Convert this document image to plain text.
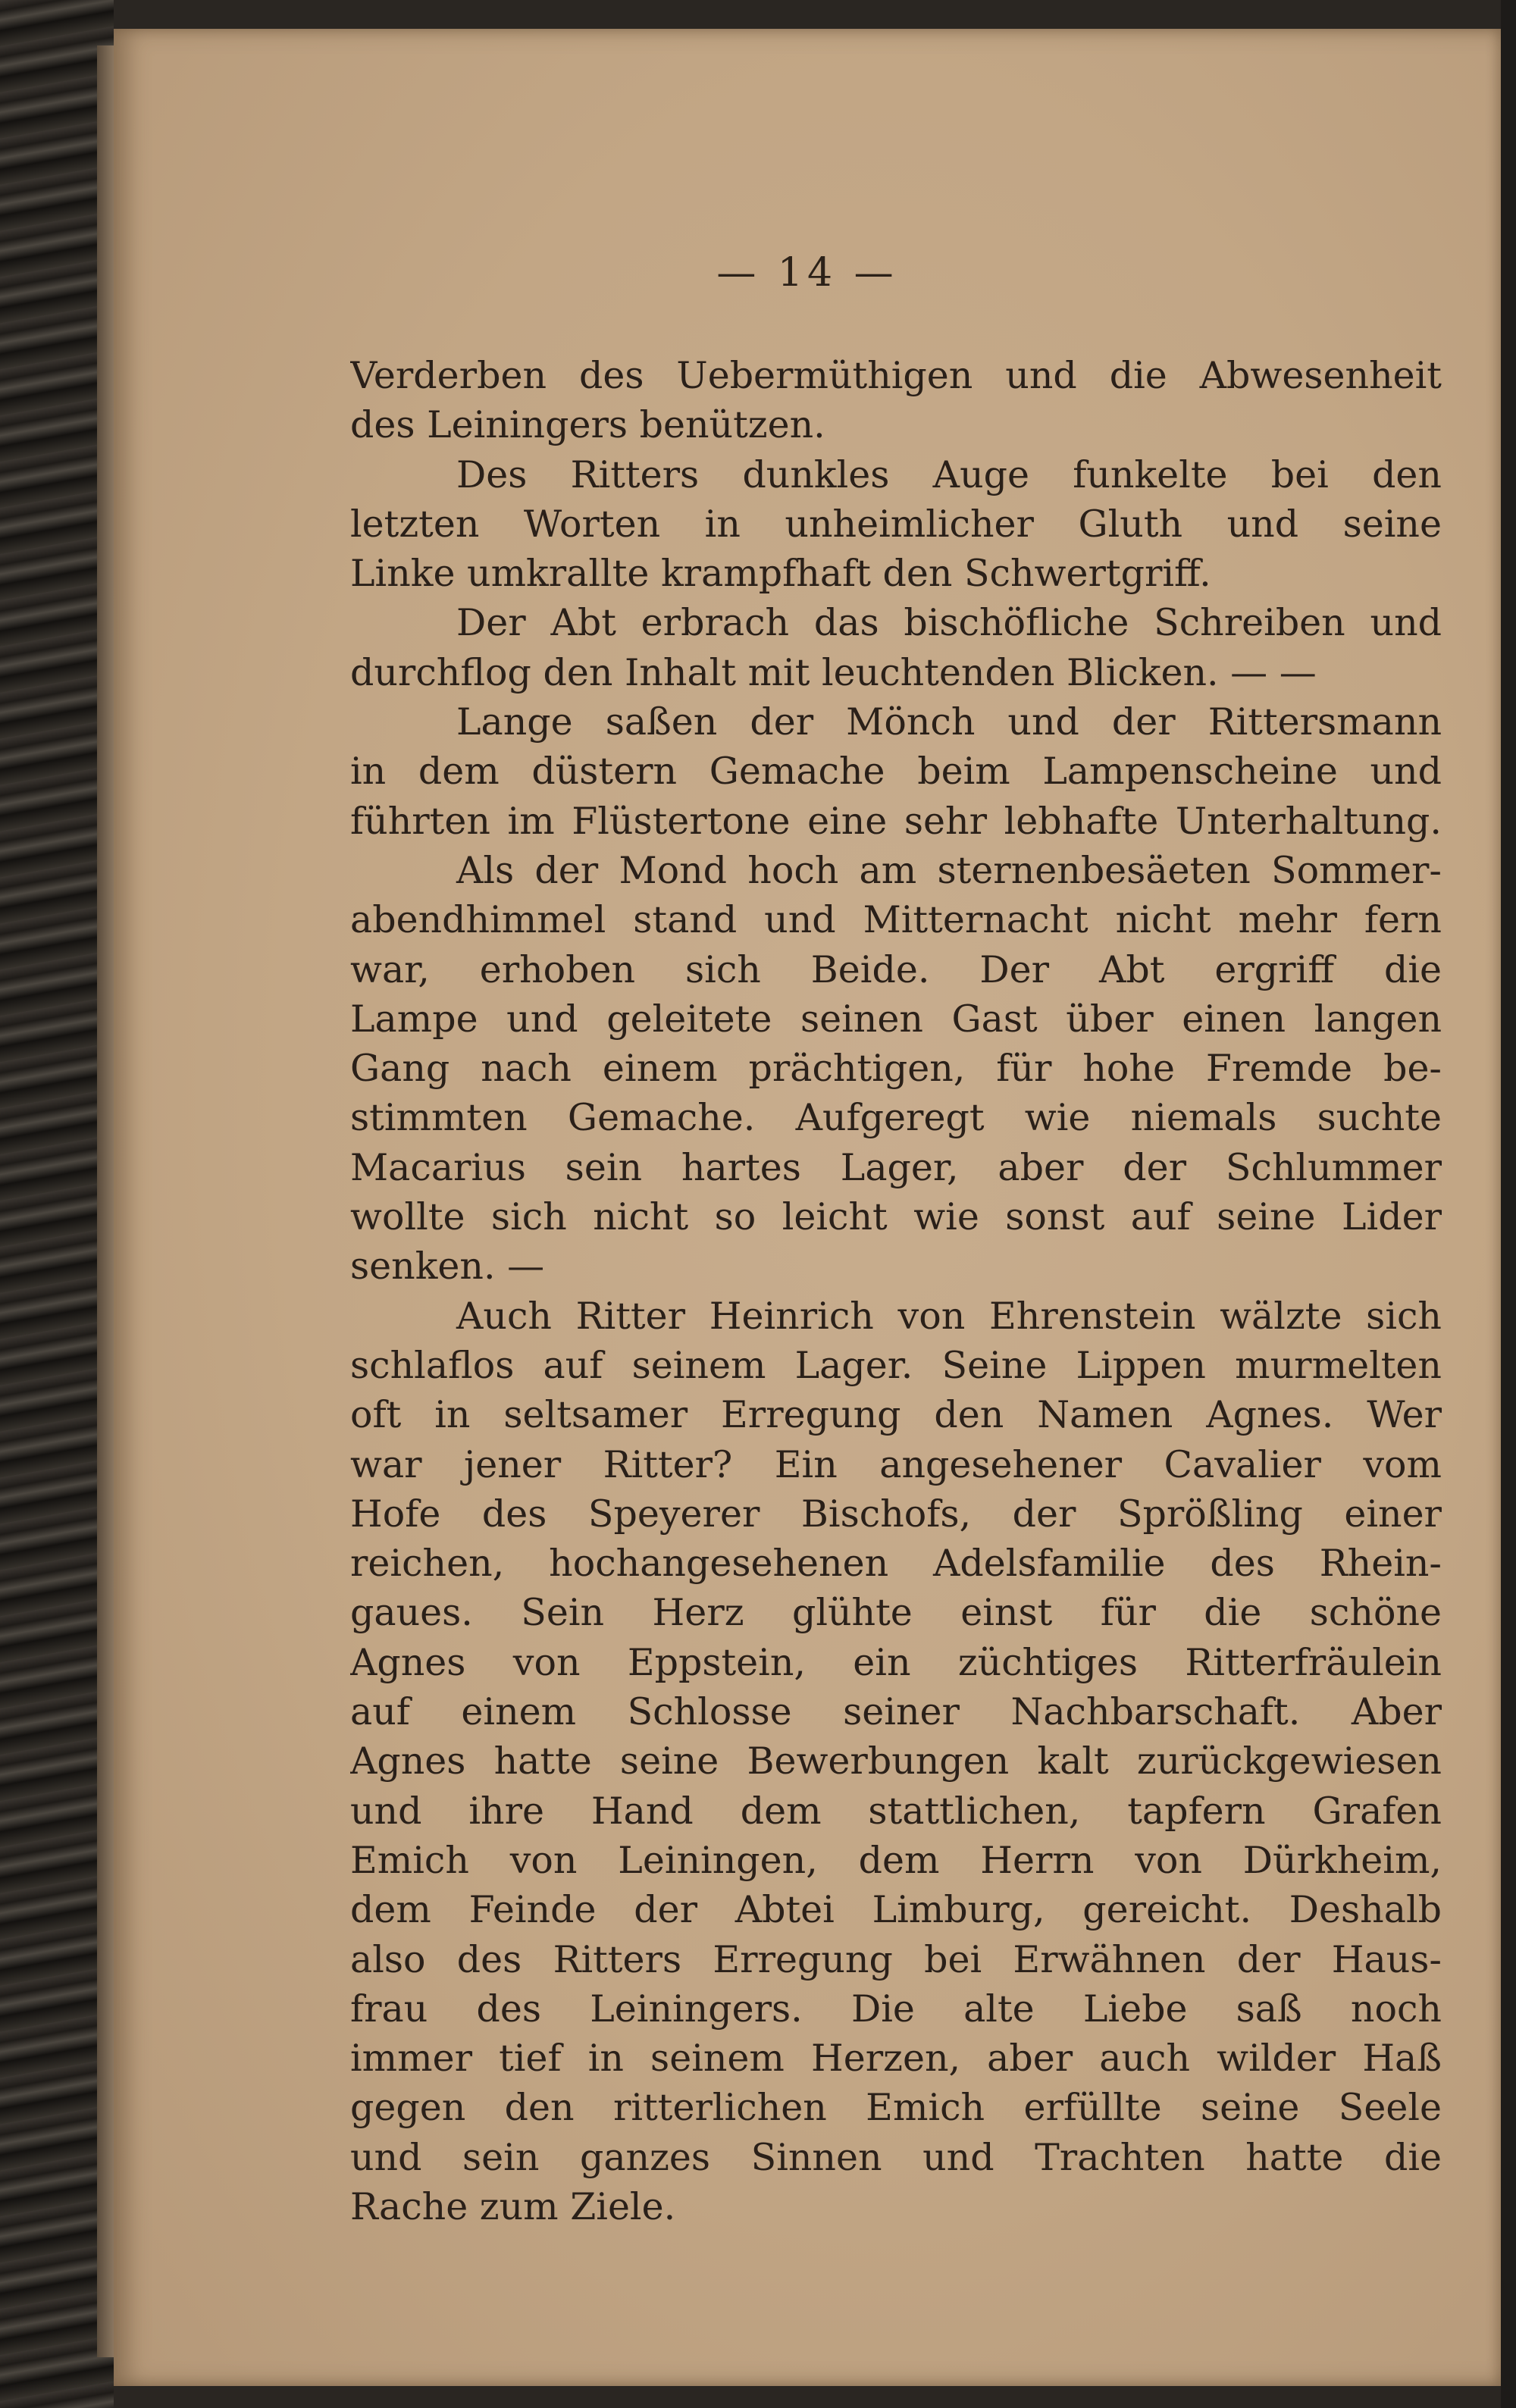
— 14 —
Verderben des Uebermüthigen und die Abwesenheit
des Leiningers benützen.
Des Ritters dunkles Auge funkelte bei den
letzten Worten in unheimlicher Gluth und seine
Linke umkrallte krampfhaft den Schwertgriff.
Der Abt erbrach das bischöfliche Schreiben und
durchflog den Inhalt mit leuchtenden Blicken. — —
Lange saßen der Mönch und der Rittersmann
in dem düstern Gemache beim Lampenscheine und
führten im Flüstertone eine sehr lebhafte Unterhaltung.
Als der Mond hoch am sternenbesäeten Sommer-
abendhimmel stand und Mitternacht nicht mehr fern
war, erhoben sich Beide. Der Abt ergriff die
Lampe und geleitete seinen Gast über einen langen
Gang nach einem prächtigen, für hohe Fremde be-
stimmten Gemache. Aufgeregt wie niemals suchte
Macarius sein hartes Lager, aber der Schlummer
wollte sich nicht so leicht wie sonst auf seine Lider
senken. —
Auch Ritter Heinrich von Ehrenstein wälzte sich
schlaflos auf seinem Lager. Seine Lippen murmelten
oft in seltsamer Erregung den Namen Agnes. Wer
war jener Ritter? Ein angesehener Cavalier vom
Hofe des Speyerer Bischofs, der Sprößling einer
reichen, hochangesehenen Adelsfamilie des Rhein-
gaues. Sein Herz glühte einst für die schöne
Agnes von Eppstein, ein züchtiges Ritterfräulein
auf einem Schlosse seiner Nachbarschaft. Aber
Agnes hatte seine Bewerbungen kalt zurückgewiesen
und ihre Hand dem stattlichen, tapfern Grafen
Emich von Leiningen, dem Herrn von Dürkheim,
dem Feinde der Abtei Limburg, gereicht. Deshalb
also des Ritters Erregung bei Erwähnen der Haus-
frau des Leiningers. Die alte Liebe saß noch
immer tief in seinem Herzen, aber auch wilder Haß
gegen den ritterlichen Emich erfüllte seine Seele
und sein ganzes Sinnen und Trachten hatte die
Rache zum Ziele.
